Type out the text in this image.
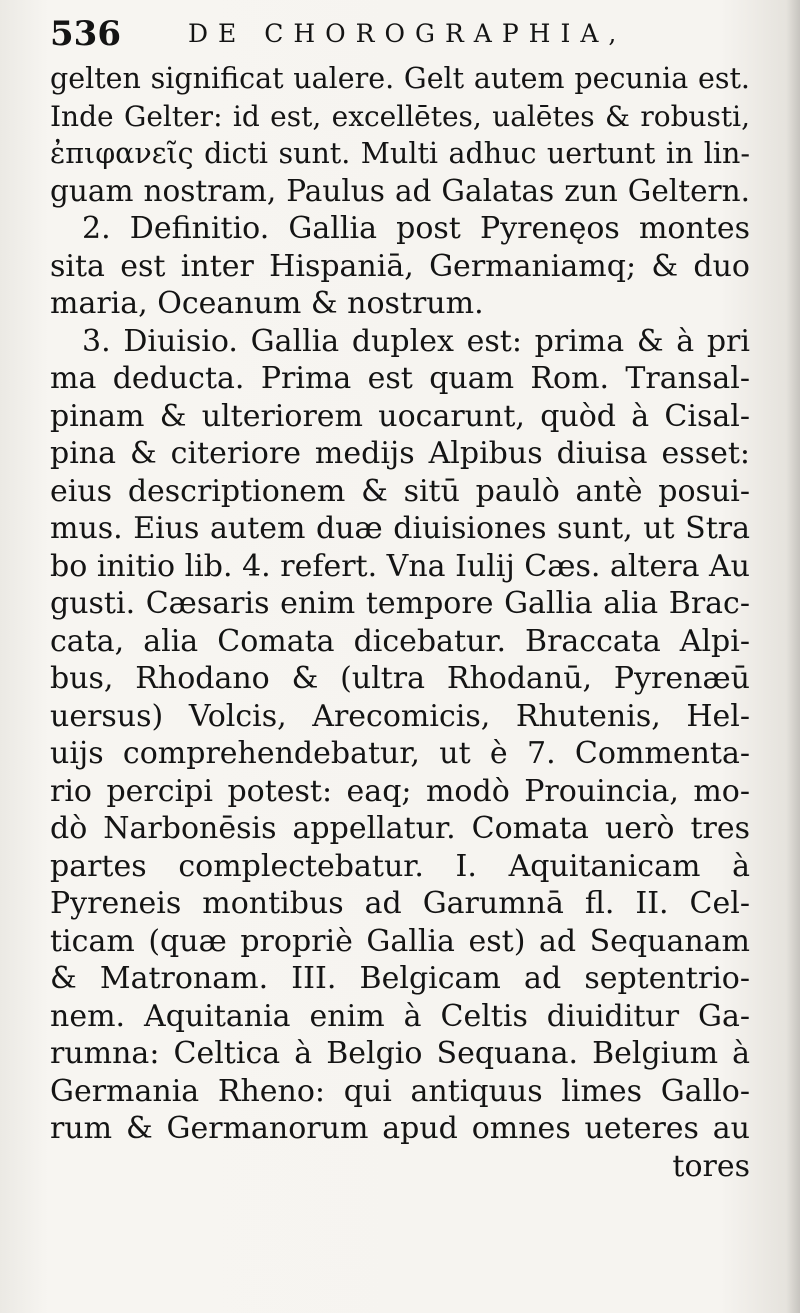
536	DE CHOROGRAPHIA,
gelten significat ualere. Gelt autem pecunia est.
Inde Gelter: id est, excellētes, ualētes & robusti,
ἐπιφανεῖς dicti sunt. Multi adhuc uertunt in lin-
guam nostram, Paulus ad Galatas zun Geltern.
2. Definitio. Gallia post Pyrenęos montes
sita est inter Hispaniā, Germaniamq; & duo
maria, Oceanum & nostrum.
3. Diuisio. Gallia duplex est: prima & à pri
ma deducta. Prima est quam Rom. Transal-
pinam & ulteriorem uocarunt, quòd à Cisal-
pina & citeriore medijs Alpibus diuisa esset:
eius descriptionem & sitū paulò antè posui-
mus. Eius autem duæ diuisiones sunt, ut Stra
bo initio lib. 4. refert. Vna Iulij Cæs. altera Au
gusti. Cæsaris enim tempore Gallia alia Brac-
cata, alia Comata dicebatur. Braccata Alpi-
bus, Rhodano & (ultra Rhodanū, Pyrenæū
uersus) Volcis, Arecomicis, Rhutenis, Hel-
uijs comprehendebatur, ut è 7. Commenta-
rio percipi potest: eaq; modò Prouincia, mo-
dò Narbonēsis appellatur. Comata uerò tres
partes complectebatur. I. Aquitanicam à
Pyreneis montibus ad Garumnā fl. II. Cel-
ticam (quæ propriè Gallia est) ad Sequanam
& Matronam. III. Belgicam ad septentrio-
nem. Aquitania enim à Celtis diuiditur Ga-
rumna: Celtica à Belgio Sequana. Belgium à
Germania Rheno: qui antiquus limes Gallo-
rum & Germanorum apud omnes ueteres au
tores
